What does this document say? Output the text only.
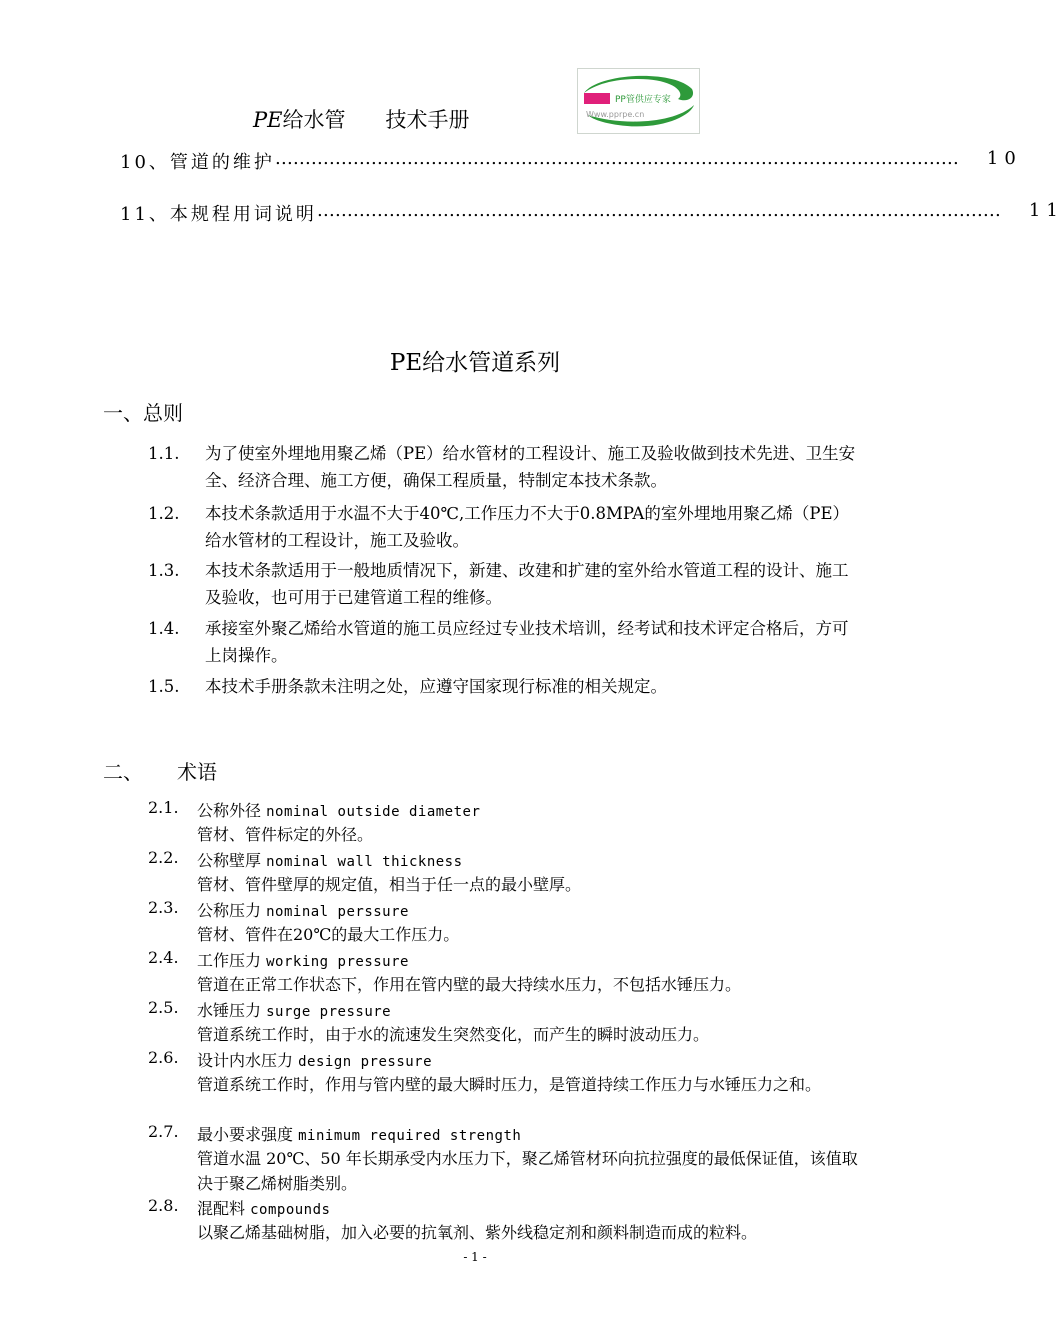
PE给水管 技术手册
PP管供应专家
Www.pprpe.cn
10、管道的维护 ……………………………………………………………………………………………………	10
11、本规程用词说明 ……………………………………………………………………………………………………	11
PE给水管道系列
一、总则
1.1. 为了使室外埋地用聚乙烯（PE）给水管材的工程设计、施工及验收做到技术先进、卫生安全、经济合理、施工方便，确保工程质量，特制定本技术条款。
1.2. 本技术条款适用于水温不大于40℃,工作压力不大于0.8MPA的室外埋地用聚乙烯（PE）给水管材的工程设计，施工及验收。
1.3. 本技术条款适用于一般地质情况下，新建、改建和扩建的室外给水管道工程的设计、施工及验收，也可用于已建管道工程的维修。
1.4. 承接室外聚乙烯给水管道的施工员应经过专业技术培训，经考试和技术评定合格后，方可上岗操作。
1.5. 本技术手册条款未注明之处，应遵守国家现行标准的相关规定。
二、 术语
2.1. 公称外径 nominal outside diameter
管材、管件标定的外径。
2.2. 公称壁厚 nominal wall thickness
管材、管件壁厚的规定值，相当于任一点的最小壁厚。
2.3. 公称压力 nominal perssure
管材、管件在20℃的最大工作压力。
2.4. 工作压力 working pressure
管道在正常工作状态下，作用在管内壁的最大持续水压力，不包括水锤压力。
2.5. 水锤压力 surge pressure
管道系统工作时，由于水的流速发生突然变化，而产生的瞬时波动压力。
2.6. 设计内水压力 design pressure
管道系统工作时，作用与管内壁的最大瞬时压力，是管道持续工作压力与水锤压力之和。
2.7. 最小要求强度 minimum required strength
管道水温 20℃、50 年长期承受内水压力下，聚乙烯管材环向抗拉强度的最低保证值，该值取决于聚乙烯树脂类别。
2.8. 混配料 compounds
以聚乙烯基础树脂，加入必要的抗氧剂、紫外线稳定剂和颜料制造而成的粒料。
- 1 -
